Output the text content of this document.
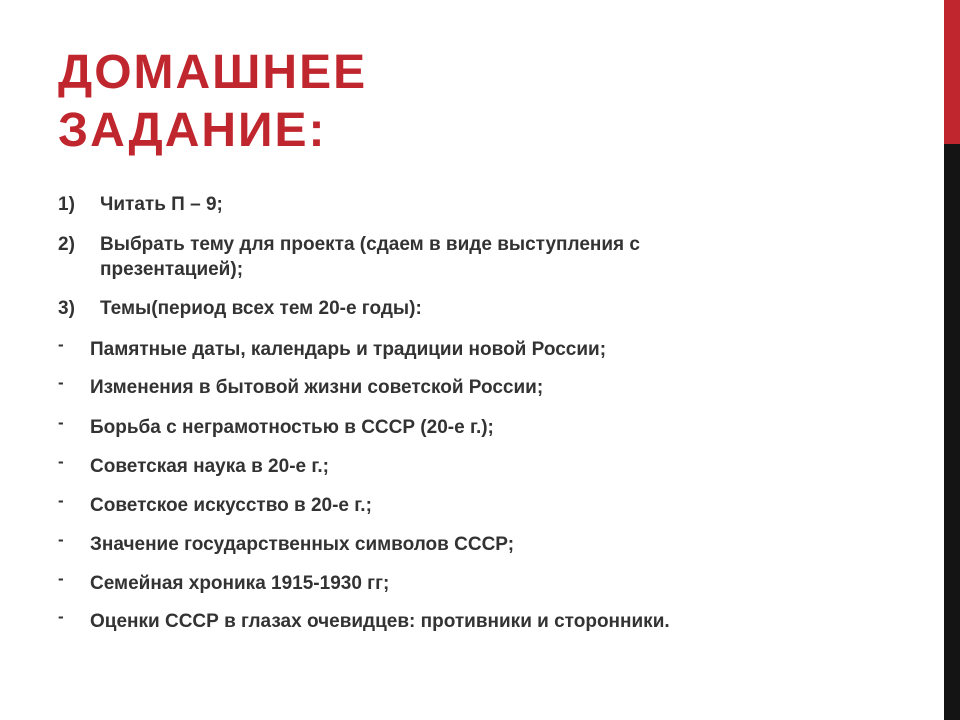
ДОМАШНЕЕ
ЗАДАНИЕ:
1) Читать П – 9;
2) Выбрать тему для проекта (сдаем в виде выступления с
презентацией);
3) Темы(период всех тем 20-е годы):
- Памятные даты, календарь и традиции новой России;
- Изменения в бытовой жизни советской России;
- Борьба с неграмотностью в СССР (20-е г.);
- Советская наука в 20-е г.;
- Советское искусство в 20-е г.;
- Значение государственных символов СССР;
- Семейная хроника 1915-1930 гг;
- Оценки СССР в глазах очевидцев: противники и сторонники.
